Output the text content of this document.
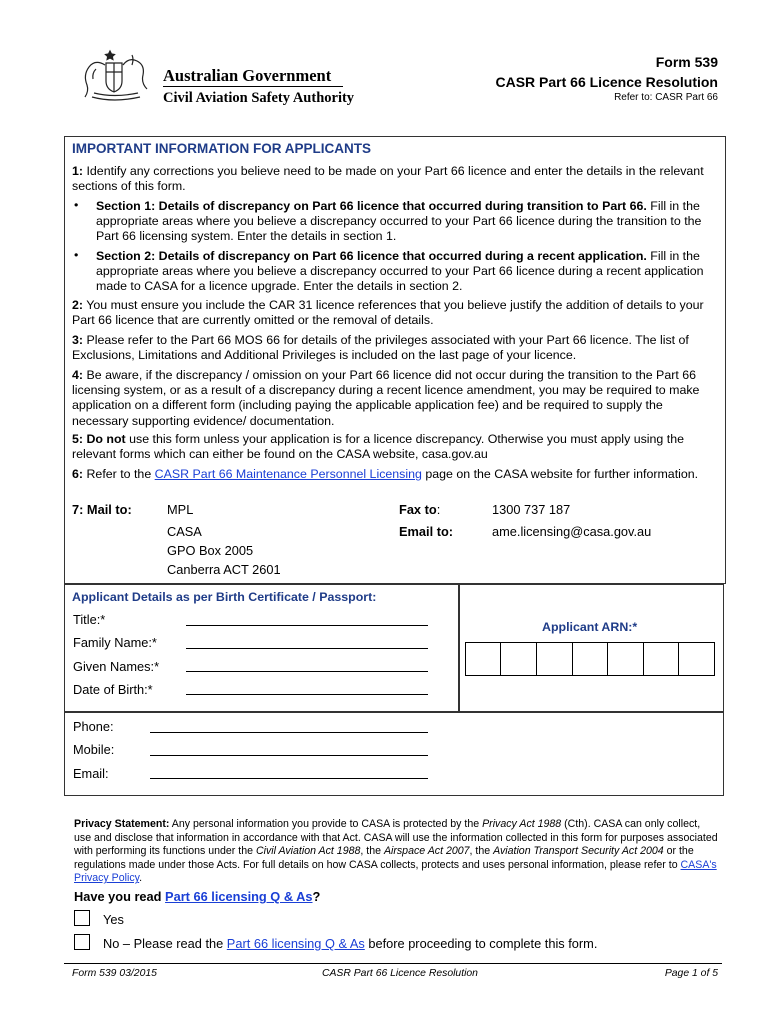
Australian Government
Civil Aviation Safety Authority
Form 539
CASR Part 66 Licence Resolution
Refer to: CASR Part 66
IMPORTANT INFORMATION FOR APPLICANTS
1: Identify any corrections you believe need to be made on your Part 66 licence and enter the details in the relevant sections of this form.
• Section 1: Details of discrepancy on Part 66 licence that occurred during transition to Part 66. Fill in the appropriate areas where you believe a discrepancy occurred to your Part 66 licence during the transition to the Part 66 licensing system. Enter the details in section 1.
• Section 2: Details of discrepancy on Part 66 licence that occurred during a recent application. Fill in the appropriate areas where you believe a discrepancy occurred to your Part 66 licence during a recent application made to CASA for a licence upgrade. Enter the details in section 2.
2: You must ensure you include the CAR 31 licence references that you believe justify the addition of details to your Part 66 licence that are currently omitted or the removal of details.
3: Please refer to the Part 66 MOS 66 for details of the privileges associated with your Part 66 licence. The list of Exclusions, Limitations and Additional Privileges is included on the last page of your licence.
4: Be aware, if the discrepancy / omission on your Part 66 licence did not occur during the transition to the Part 66 licensing system, or as a result of a discrepancy during a recent licence amendment, you may be required to make application on a different form (including paying the applicable application fee) and be required to supply the necessary supporting evidence/ documentation.
5: Do not use this form unless your application is for a licence discrepancy. Otherwise you must apply using the relevant forms which can either be found on the CASA website, casa.gov.au
6: Refer to the CASR Part 66 Maintenance Personnel Licensing page on the CASA website for further information.
7: Mail to:	MPL
CASA
GPO Box 2005
Canberra ACT 2601
Fax to:	1300 737 187
Email to:	ame.licensing@casa.gov.au
Applicant Details as per Birth Certificate / Passport:
Title:*
Family Name:*
Given Names:*
Date of Birth:*
Applicant ARN:*
Phone:
Mobile:
Email:
Privacy Statement: Any personal information you provide to CASA is protected by the Privacy Act 1988 (Cth). CASA can only collect, use and disclose that information in accordance with that Act. CASA will use the information collected in this form for purposes associated with performing its functions under the Civil Aviation Act 1988, the Airspace Act 2007, the Aviation Transport Security Act 2004 or the regulations made under those Acts. For full details on how CASA collects, protects and uses personal information, please refer to CASA's Privacy Policy.
Have you read Part 66 licensing Q & As?
Yes
No – Please read the Part 66 licensing Q & As before proceeding to complete this form.
Form 539 03/2015	CASR Part 66 Licence Resolution	Page 1 of 5
